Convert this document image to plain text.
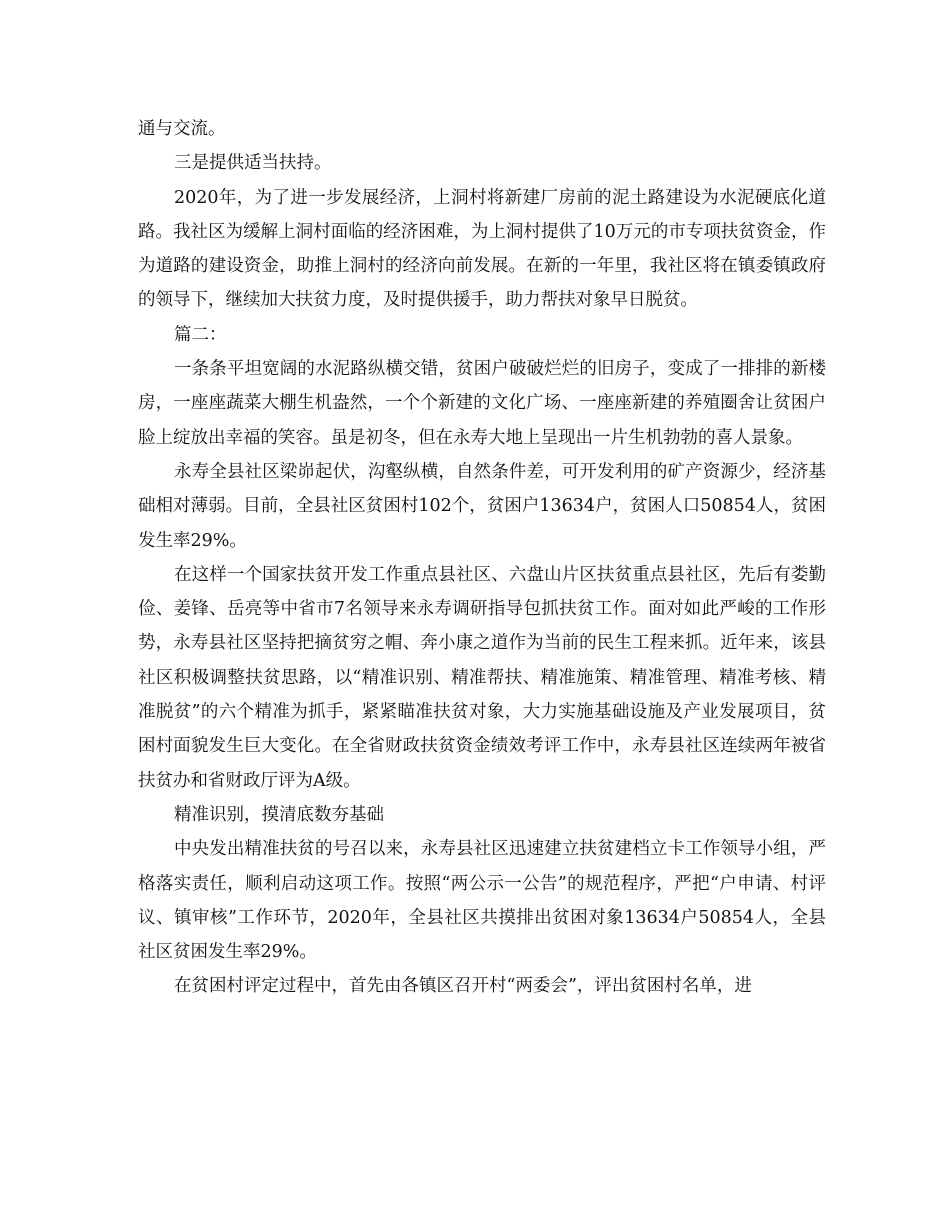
通与交流。

三是提供适当扶持。

2020年，为了进一步发展经济，上洞村将新建厂房前的泥土路建设为水泥硬底化道路。我社区为缓解上洞村面临的经济困难，为上洞村提供了10万元的市专项扶贫资金，作为道路的建设资金，助推上洞村的经济向前发展。在新的一年里，我社区将在镇委镇政府的领导下，继续加大扶贫力度，及时提供援手，助力帮扶对象早日脱贫。

篇二：

一条条平坦宽阔的水泥路纵横交错，贫困户破破烂烂的旧房子，变成了一排排的新楼房，一座座蔬菜大棚生机盎然，一个个新建的文化广场、一座座新建的养殖圈舍让贫困户脸上绽放出幸福的笑容。虽是初冬，但在永寿大地上呈现出一片生机勃勃的喜人景象。

永寿全县社区梁峁起伏，沟壑纵横，自然条件差，可开发利用的矿产资源少，经济基础相对薄弱。目前，全县社区贫困村102个，贫困户13634户，贫困人口50854人，贫困发生率29%。

在这样一个国家扶贫开发工作重点县社区、六盘山片区扶贫重点县社区，先后有娄勤俭、姜锋、岳亮等中省市7名领导来永寿调研指导包抓扶贫工作。面对如此严峻的工作形势，永寿县社区坚持把摘贫穷之帽、奔小康之道作为当前的民生工程来抓。近年来，该县社区积极调整扶贫思路，以“精准识别、精准帮扶、精准施策、精准管理、精准考核、精准脱贫”的六个精准为抓手，紧紧瞄准扶贫对象，大力实施基础设施及产业发展项目，贫困村面貌发生巨大变化。在全省财政扶贫资金绩效考评工作中，永寿县社区连续两年被省扶贫办和省财政厅评为A级。

精准识别，摸清底数夯基础

中央发出精准扶贫的号召以来，永寿县社区迅速建立扶贫建档立卡工作领导小组，严格落实责任，顺利启动这项工作。按照“两公示一公告”的规范程序，严把“户申请、村评议、镇审核”工作环节，2020年，全县社区共摸排出贫困对象13634户50854人，全县社区贫困发生率29%。

在贫困村评定过程中，首先由各镇区召开村“两委会”，评出贫困村名单，进
